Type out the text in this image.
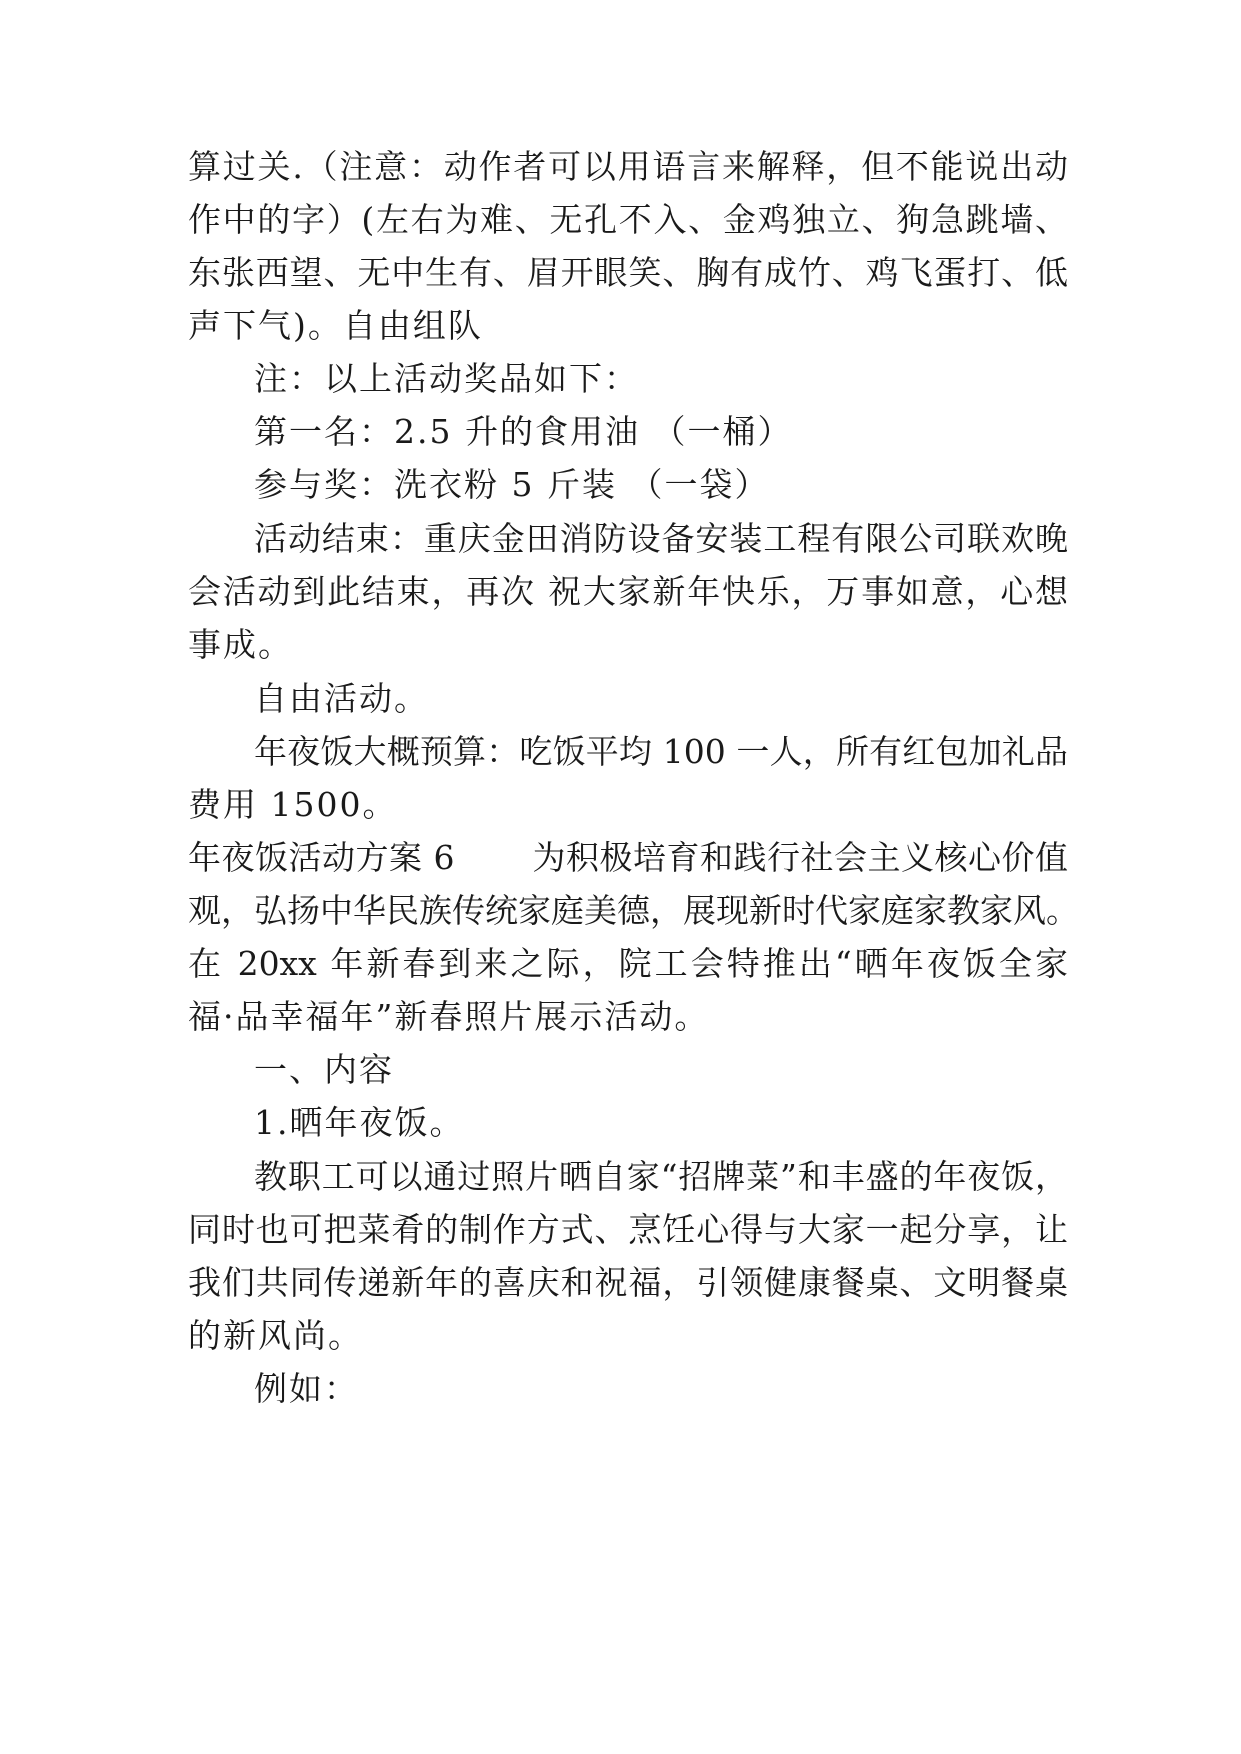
算过关.（注意：动作者可以用语言来解释，但不能说出动
作中的字）(左右为难、无孔不入、金鸡独立、狗急跳墙、
东张西望、无中生有、眉开眼笑、胸有成竹、鸡飞蛋打、低
声下气)。自由组队
注：以上活动奖品如下：
第一名：2.5 升的食用油 （一桶）
参与奖：洗衣粉 5 斤装 （一袋）
活动结束：重庆金田消防设备安装工程有限公司联欢晚
会活动到此结束，再次 祝大家新年快乐，万事如意，心想
事成。
自由活动。
年夜饭大概预算：吃饭平均 100 一人，所有红包加礼品
费用 1500。
年夜饭活动方案 6 　　为积极培育和践行社会主义核心价值
观，弘扬中华民族传统家庭美德，展现新时代家庭家教家风。
在 20xx 年新春到来之际，院工会特推出“晒年夜饭全家
福·品幸福年”新春照片展示活动。
一、内容
1.晒年夜饭。
教职工可以通过照片晒自家“招牌菜”和丰盛的年夜饭，
同时也可把菜肴的制作方式、烹饪心得与大家一起分享，让
我们共同传递新年的喜庆和祝福，引领健康餐桌、文明餐桌
的新风尚。
例如：
